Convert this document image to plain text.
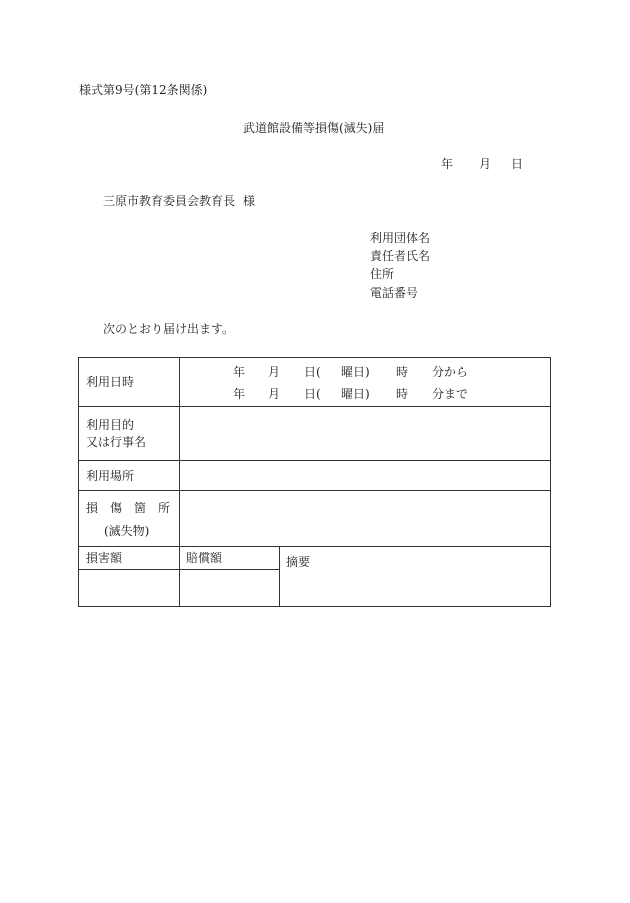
様式第9号(第12条関係)
武道館設備等損傷(滅失)届
年 月 日
三原市教育委員会教育長 様
利用団体名
責任者氏名
住所
電話番号
次のとおり届け出ます。
利用日時
年 月 日( 曜日) 時 分から
年 月 日( 曜日) 時 分まで
利用目的
又は行事名
利用場所
損　傷　箇　所
(滅失物)
損害額	賠償額	摘要
